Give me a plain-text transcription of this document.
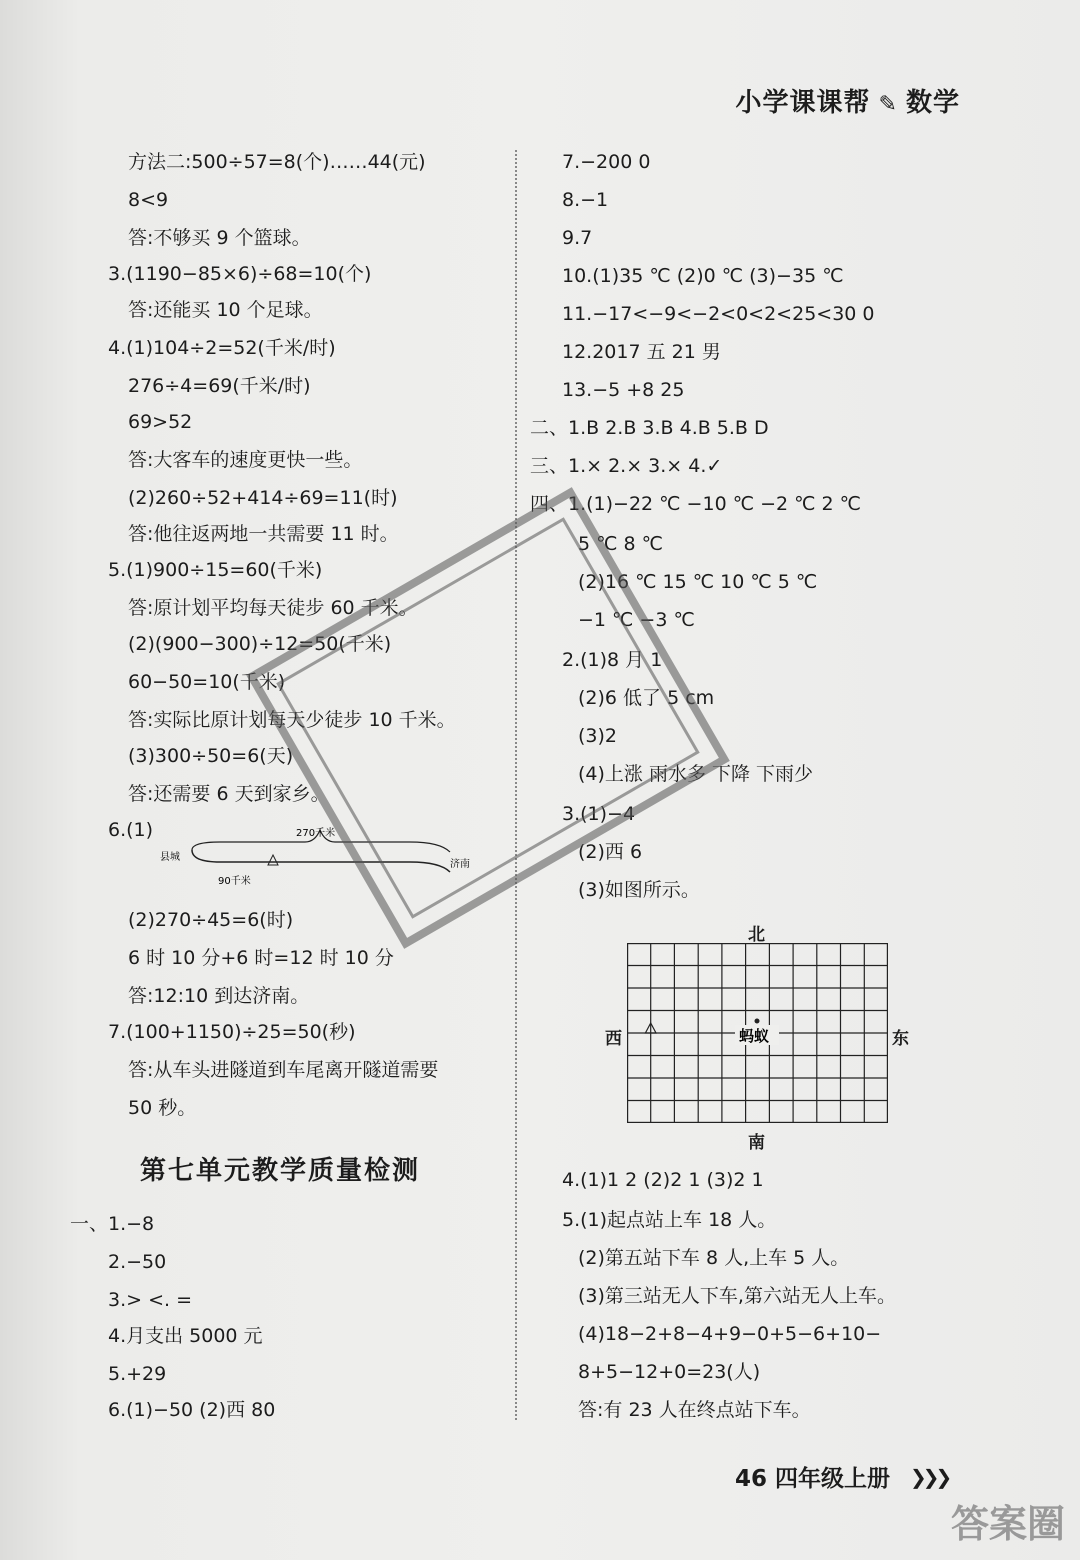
小学课课帮 ✎ 数学
方法二:500÷57=8(个)……44(元)
8<9
答:不够买 9 个篮球。
3.(1190−85×6)÷68=10(个)
答:还能买 10 个足球。
4.(1)104÷2=52(千米/时)
276÷4=69(千米/时)
69>52
答:大客车的速度更快一些。
(2)260÷52+414÷69=11(时)
答:他往返两地一共需要 11 时。
5.(1)900÷15=60(千米)
答:原计划平均每天徒步 60 千米。
(2)(900−300)÷12=50(千米)
60−50=10(千米)
答:实际比原计划每天少徒步 10 千米。
(3)300÷50=6(天)
答:还需要 6 天到家乡。
6.(1)	270千米
县城
济南
90千米
(2)270÷45=6(时)
6 时 10 分+6 时=12 时 10 分
答:12:10 到达济南。
7.(100+1150)÷25=50(秒)
答:从车头进隧道到车尾离开隧道需要
50 秒。
第七单元教学质量检测
一、1.−8
2.−50
3.> <. =
4.月支出 5000 元
5.+29
6.(1)−50 (2)西 80
7.−200 0
8.−1
9.7
10.(1)35 ℃ (2)0 ℃ (3)−35 ℃
11.−17<−9<−2<0<2<25<30 0
12.2017 五 21 男
13.−5 +8 25
二、1.B 2.B 3.B 4.B 5.B D
三、1.× 2.× 3.× 4.✓
四、1.(1)−22 ℃ −10 ℃ −2 ℃ 2 ℃
5 ℃ 8 ℃
(2)16 ℃ 15 ℃ 10 ℃ 5 ℃
−1 ℃ −3 ℃
2.(1)8 月 1
(2)6 低了 5 cm
(3)2
(4)上涨 雨水多 下降 下雨少
3.(1)−4
(2)西 6
(3)如图所示。
北
南
西	东
蚂蚁
4.(1)1 2 (2)2 1 (3)2 1
5.(1)起点站上车 18 人。
(2)第五站下车 8 人,上车 5 人。
(3)第三站无人下车,第六站无人上车。
(4)18−2+8−4+9−0+5−6+10−
8+5−12+0=23(人)
答:有 23 人在终点站下车。
46 四年级上册 ❯❯❯
答案圈
